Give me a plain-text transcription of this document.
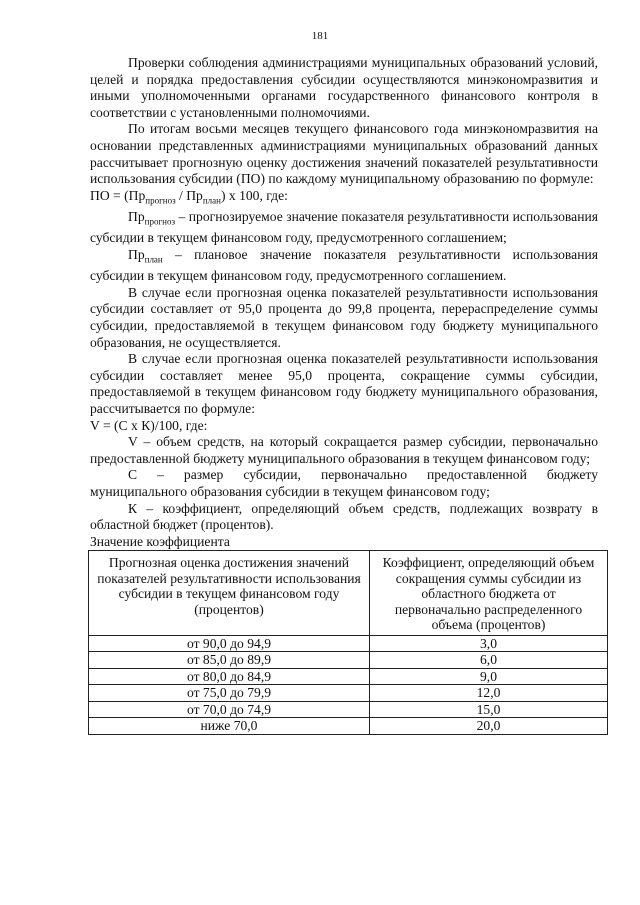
181

Проверки соблюдения администрациями муниципальных образований условий, целей и порядка предоставления субсидии осуществляются минэкономразвития и иными уполномоченными органами государственного финансового контроля в соответствии с установленными полномочиями.

По итогам восьми месяцев текущего финансового года минэкономразвития на основании представленных администрациями муниципальных образований данных рассчитывает прогнозную оценку достижения значений показателей результативности использования субсидии (ПО) по каждому муниципальному образованию по формуле:

ПО = $(Пр_{прогноз} / Пр_{план})$ х 100, где:

$Пр_{прогноз}$ – прогнозируемое значение показателя результативности использования субсидии в текущем финансовом году, предусмотренного соглашением;

$Пр_{план}$ – плановое значение показателя результативности использования субсидии в текущем финансовом году, предусмотренного соглашением.

В случае если прогнозная оценка показателей результативности использования субсидии составляет от 95,0 процента до 99,8 процента, перераспределение суммы субсидии, предоставляемой в текущем финансовом году бюджету муниципального образования, не осуществляется.

В случае если прогнозная оценка показателей результативности использования субсидии составляет менее 95,0 процента, сокращение суммы субсидии, предоставляемой в текущем финансовом году бюджету муниципального образования, рассчитывается по формуле:

V = (С х К)/100, где:

V – объем средств, на который сокращается размер субсидии, первоначально предоставленной бюджету муниципального образования в текущем финансовом году;

С – размер субсидии, первоначально предоставленной бюджету муниципального образования субсидии в текущем финансовом году;

К – коэффициент, определяющий объем средств, подлежащих возврату в областной бюджет (процентов).

Значение коэффициента

Прогнозная оценка достижения значений показателей результативности использования субсидии в текущем финансовом году (процентов)	Коэффициент, определяющий объем сокращения суммы субсидии из областного бюджета от первоначально распределенного объема (процентов)
от 90,0 до 94,9	3,0
от 85,0 до 89,9	6,0
от 80,0 до 84,9	9,0
от 75,0 до 79,9	12,0
от 70,0 до 74,9	15,0
ниже 70,0	20,0
